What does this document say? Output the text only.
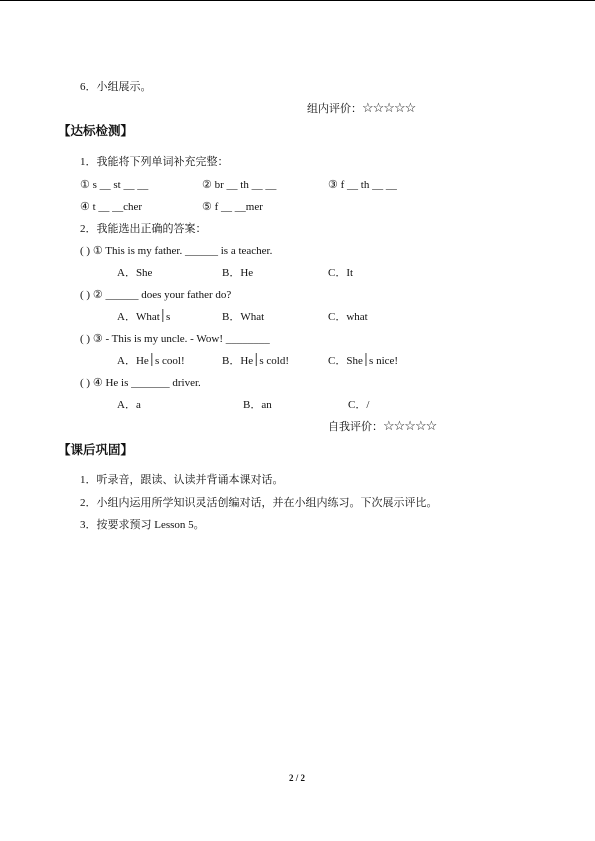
6．小组展示。
组内评价：☆☆☆☆☆
【达标检测】
1．我能将下列单词补充完整：
① s __ st __ __	② br __ th __ __	③ f __ th __ __
④ t __ __cher	⑤ f __ __mer
2．我能选出正确的答案：
( ) ① This is my father. ______ is a teacher.
A．She	B．He	C．It
( ) ② ______ does your father do?
A．What׀s	B．What	C．what
( ) ③ - This is my uncle. - Wow! ________
A．He׀s cool!	B．He׀s cold!	C．She׀s nice!
( ) ④ He is _______ driver.
A．a	B．an	C．/
自我评价：☆☆☆☆☆
【课后巩固】
1．听录音，跟读、认读并背诵本课对话。
2．小组内运用所学知识灵活创编对话，并在小组内练习。下次展示评比。
3．按要求预习 Lesson 5。
2 / 2
